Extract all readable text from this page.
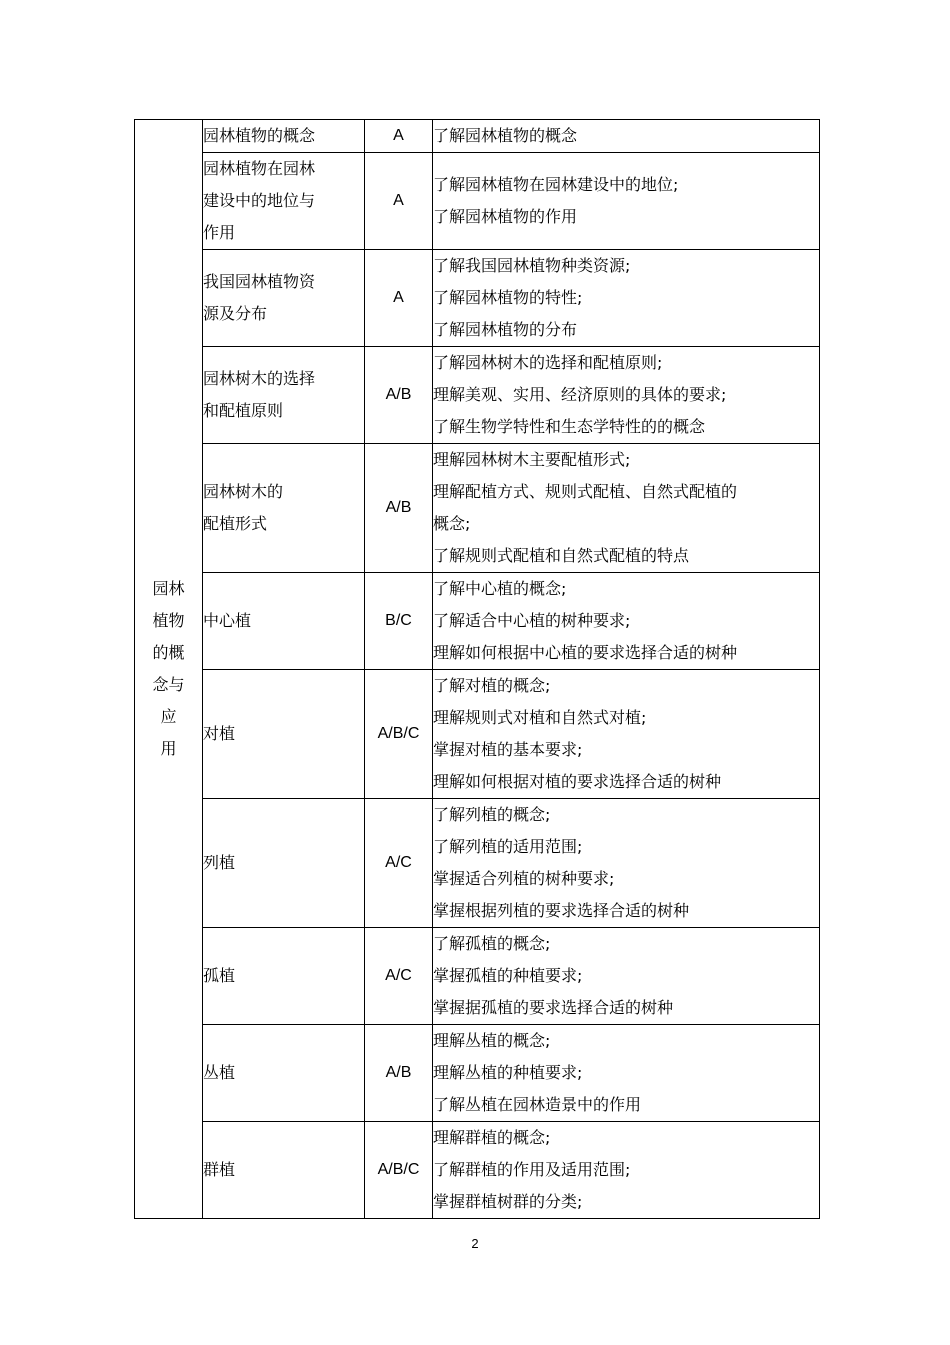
园林
植物
的概
念与
应 用	园林植物的概念	A	了解园林植物的概念

	园林植物在园林
建设中的地位与
作用	A	了解园林植物在园林建设中的地位;
了解园林植物的作用

	我国园林植物资
源及分布	A	了解我国园林植物种类资源;
了解园林植物的特性;
了解园林植物的分布

	园林树木的选择
和配植原则	A/B	了解园林树木的选择和配植原则;
理解美观、实用、经济原则的具体的要求;
了解生物学特性和生态学特性的的概念

	园林树木的
配植形式	A/B	理解园林树木主要配植形式;
理解配植方式、规则式配植、自然式配植的
概念;
了解规则式配植和自然式配植的特点

	中心植	B/C	了解中心植的概念;
了解适合中心植的树种要求;
理解如何根据中心植的要求选择合适的树种

	对植	A/B/C	了解对植的概念;
理解规则式对植和自然式对植;
掌握对植的基本要求;
理解如何根据对植的要求选择合适的树种

	列植	A/C	了解列植的概念;
了解列植的适用范围;
掌握适合列植的树种要求;
掌握根据列植的要求选择合适的树种

	孤植	A/C	了解孤植的概念;
掌握孤植的种植要求;
掌握据孤植的要求选择合适的树种

	丛植	A/B	理解丛植的概念;
理解丛植的种植要求;
了解丛植在园林造景中的作用

	群植	A/B/C	理解群植的概念;
了解群植的作用及适用范围;
掌握群植树群的分类;
2
